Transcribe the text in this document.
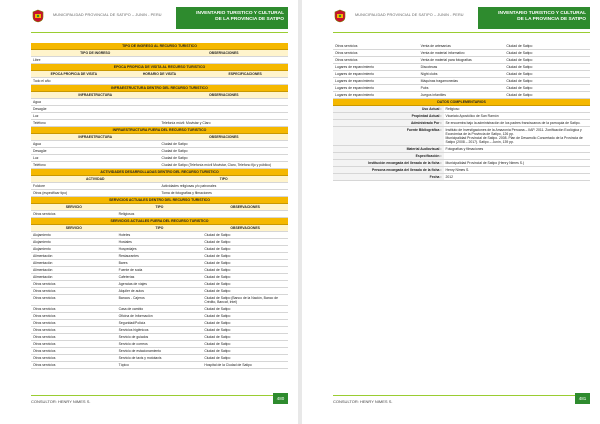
MUNICIPALIDAD PROVINCIAL DE SATIPO – JUNIN - PERU	INVENTARIO TURISTICO Y CULTURAL
DE LA PROVINCIA DE SATIPO
TIPO DE INGRESO AL RECURSO TURISTICO
TIPO DE INGRESO	OBSERVACIONES
Libre
EPOCA PROPICIA DE VISITA AL RECURSO TURISTICO
EPOCA PROPICIA DE VISITA	HORARIO DE VISITA	ESPECIFICACIONES
Todo el año
INFRAESTRUCTURA DENTRO DEL RECURSO TURISTICO
INFRAESTRUCTURA	OBSERVACIONES
Agua
Desagüe
Luz
Teléfono	Telefonía móvil: Movistar y Claro
INFRAESTRUCTURA FUERA DEL RECURSO TURISTICO
INFRAESTRUCTURA	OBSERVACIONES
Agua	Ciudad de Satipo
Desagüe	Ciudad de Satipo
Luz	Ciudad de Satipo
Teléfono	Ciudad de Satipo (Telefonía móvil Movistar, Claro, Telefono fijo y público)
ACTIVIDADES DESARROLLADAS DENTRO DEL RECURSO TURISTICO
ACTIVIDAD	TIPO
Folclore	Actividades religiosas y/o patronales
Otros (especificar tipo)	Toma de fotografias y filmaciones
SERVICIOS ACTUALES DENTRO DEL RECURSO TURISTICO
SERVICIO	TIPO	OBSERVACIONES
Otros servicios	Religiosos
SERVICIOS ACTUALES FUERA DEL RECURSO TURISTICO
SERVICIO	TIPO	OBSERVACIONES
Alojamiento	Hoteles	Ciudad de Satipo
Alojamiento	Hostales	Ciudad de Satipo
Alojamiento	Hospedajes	Ciudad de Satipo
Alimentación	Restaurantes	Ciudad de Satipo
Alimentación	Bares	Ciudad de Satipo
Alimentación	Fuente de soda	Ciudad de Satipo
Alimentación	Cafeterías	Ciudad de Satipo
Otros servicios	Agencias de viajes	Ciudad de Satipo
Otros servicios	Alquiler de autos	Ciudad de Satipo
Otros servicios	Bancos - Cajeros	Ciudad de Satipo (Banco de la Nación, Banco de Crédito, Bancaf, Intel)
Otros servicios	Casa de cambio	Ciudad de Satipo
Otros servicios	Oficina de Información	Ciudad de Satipo
Otros servicios	Seguridad/Policía	Ciudad de Satipo
Otros servicios	Servicios higiénicos	Ciudad de Satipo
Otros servicios	Servicio de guiados	Ciudad de Satipo
Otros servicios	Servicio de correos	Ciudad de Satipo
Otros servicios	Servicio de estacionamiento	Ciudad de Satipo
Otros servicios	Servicio de taxis y mototaxis	Ciudad de Satipo
Otros servicios	Tópico	Hospital de la Ciudad de Satipo
CONSULTOR: HENRY NIMES S.
480
MUNICIPALIDAD PROVINCIAL DE SATIPO – JUNIN - PERU	INVENTARIO TURISTICO Y CULTURAL
DE LA PROVINCIA DE SATIPO
Otros servicios	Venta de artesanías	Ciudad de Satipo
Otros servicios	Venta de material informativo	Ciudad de Satipo
Otros servicios	Venta de material para fotografías	Ciudad de Satipo
Lugares de esparcimiento	Discotecas	Ciudad de Satipo
Lugares de esparcimiento	Night clubs	Ciudad de Satipo
Lugares de esparcimiento	Máquinas tragamonedas	Ciudad de Satipo
Lugares de esparcimiento	Pubs	Ciudad de Satipo
Lugares de esparcimiento	Juegos infantiles	Ciudad de Satipo
DATOS COMPLEMENTARIOS
Uso Actual :	Religioso
Propiedad Actual :	Vicariato Apostólico de San Ramón
Administrado Por :	Se encuentra bajo la administración de los padres franciscanos de la parroquia de Satipo.
Fuente Bibliográfica :	Instituto de Investigaciones de la Amazonía Peruana – IIAP. 2011. Zonificación Ecológica y Económica de la Provincia de Satipo, 126 pp.
Municipalidad Provincial de Satipo. 2008. Plan de Desarrollo Concertado de la Provincia de Satipo (2008 – 2017). Satipo – Junín, 139 pp.
Material Audiovisual :	Fotografías y filmaciones
Especificación :
Institución encargada del llenado de la ficha :	Municipalidad Provincial de Satipo (Henry Nimes S.)
Persona encargada del llenado de la ficha :	Henry Nimes S.
Fecha :	2012
CONSULTOR: HENRY NIMES S.
481
